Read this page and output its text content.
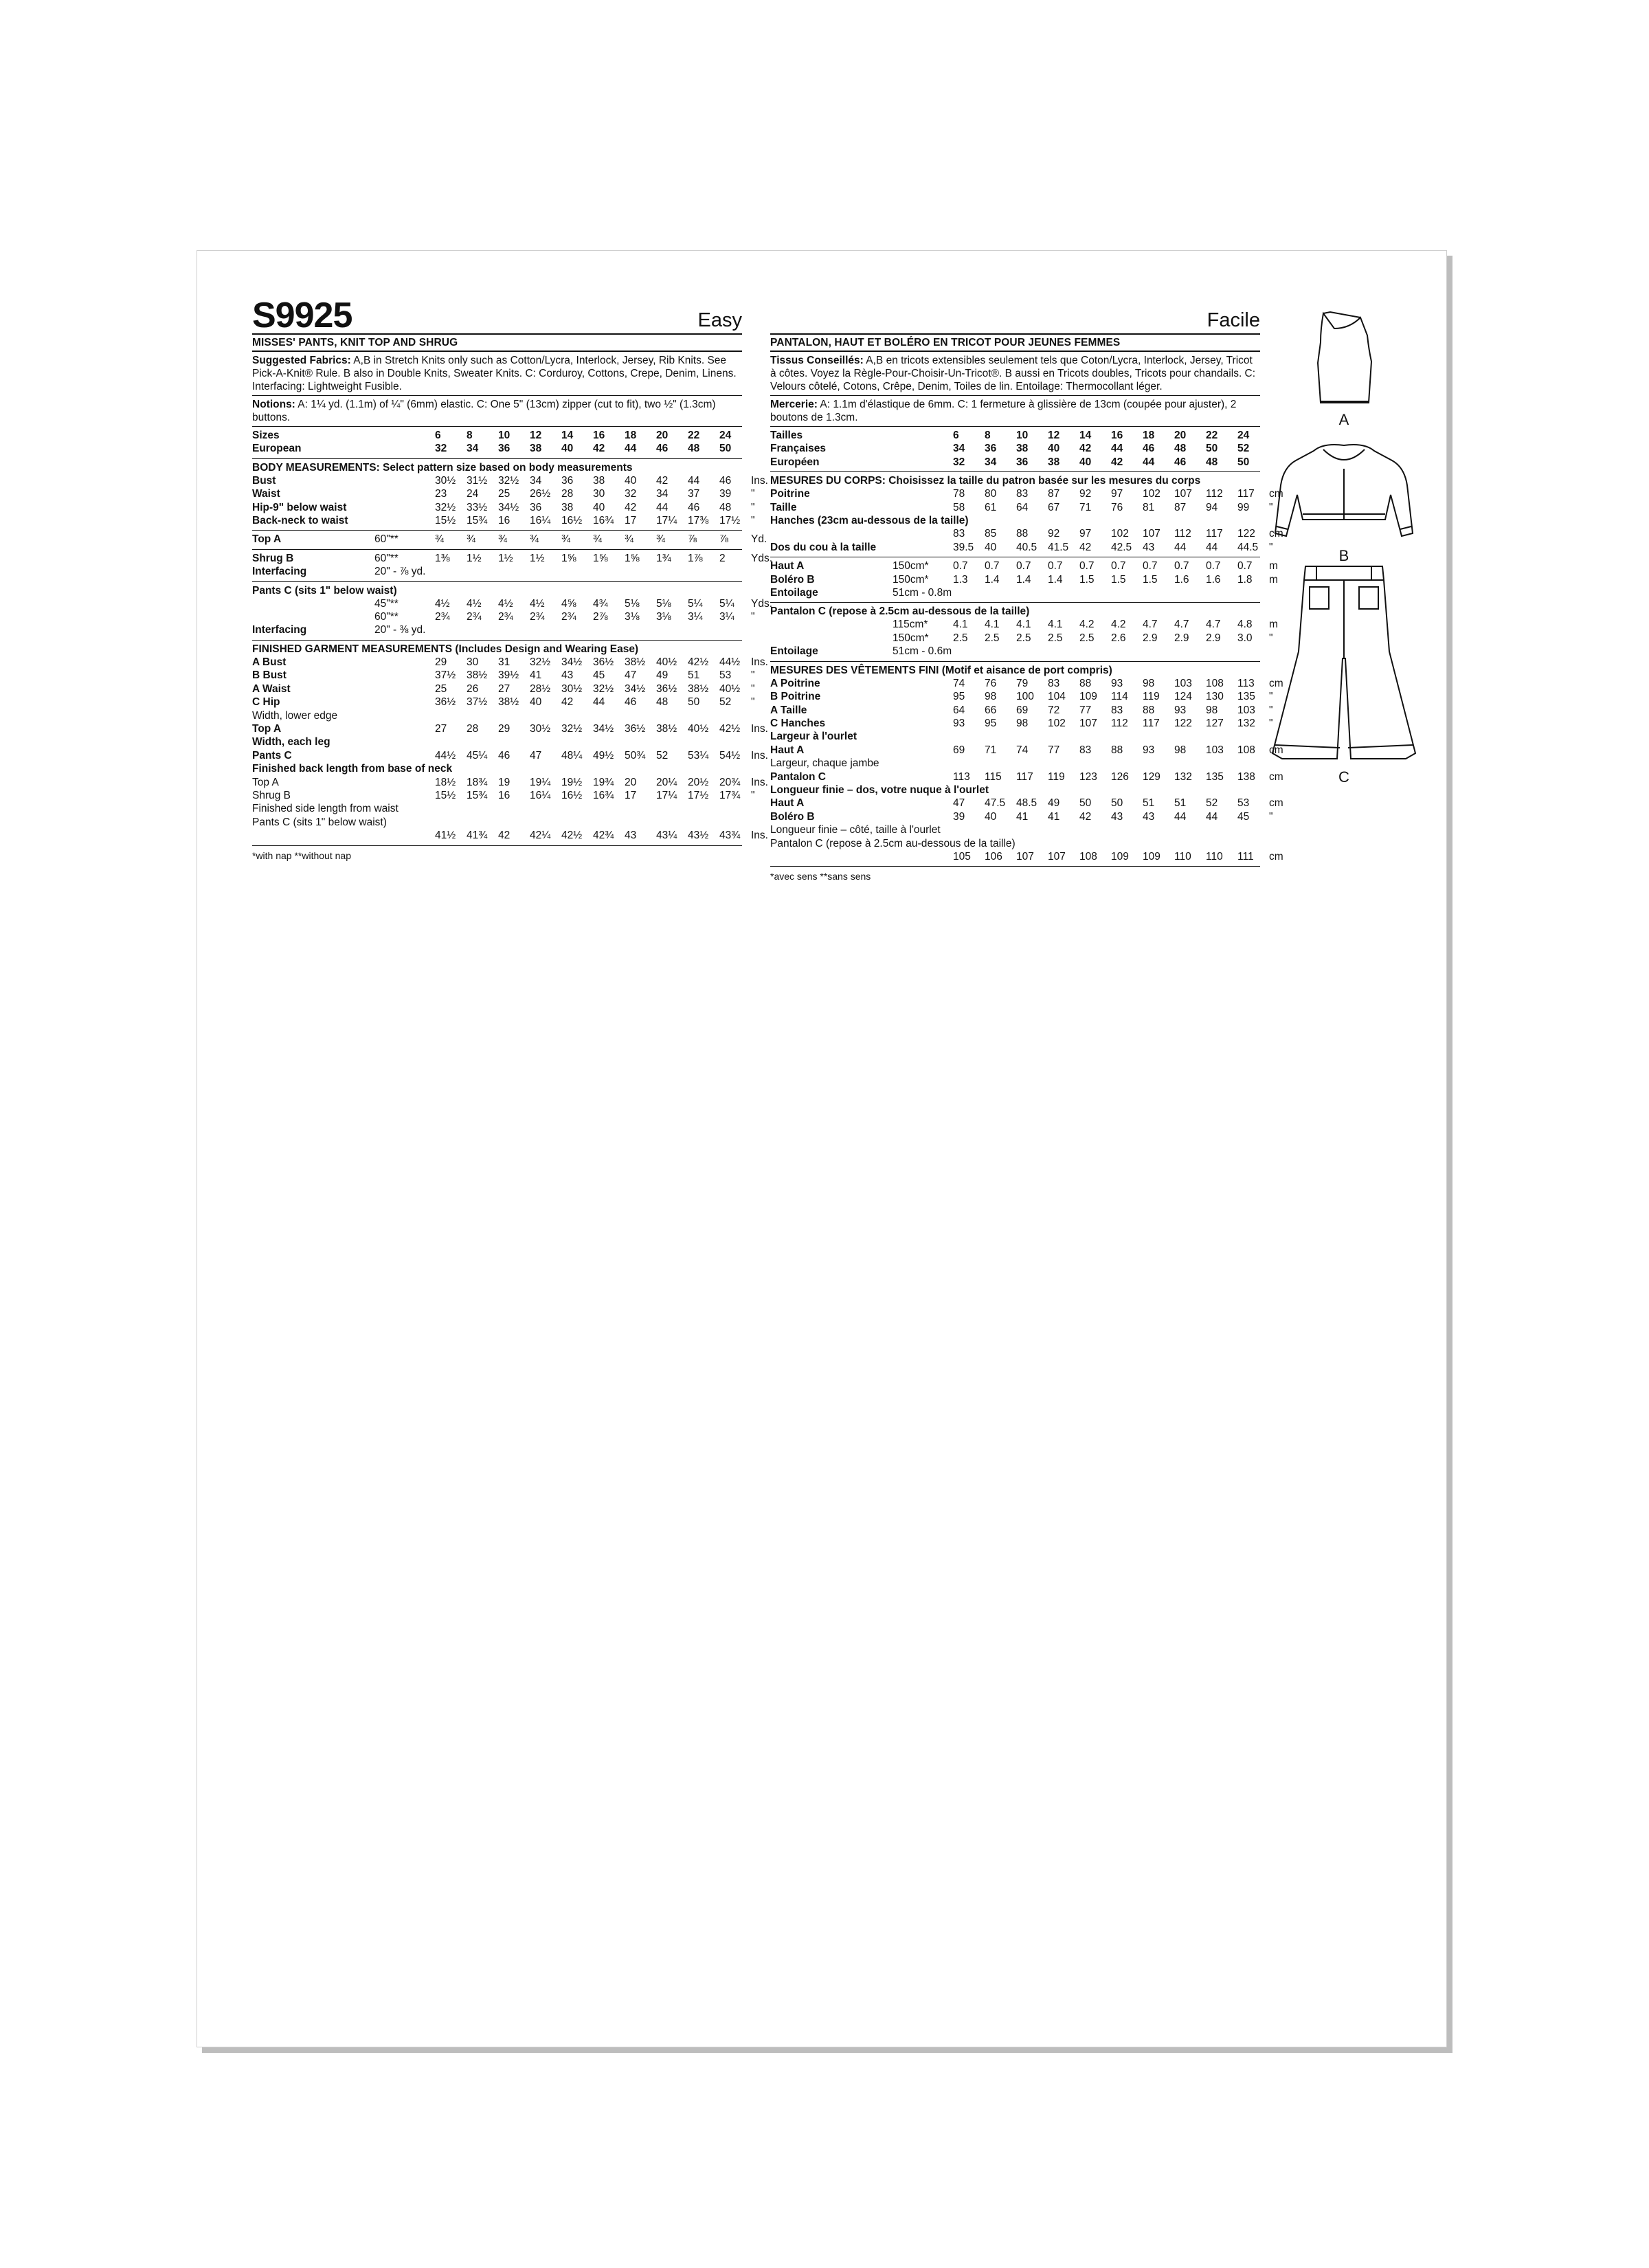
S9925	Easy
MISSES' PANTS, KNIT TOP AND SHRUG
Suggested Fabrics: A,B in Stretch Knits only such as Cotton/Lycra, Interlock, Jersey, Rib Knits. See Pick-A-Knit® Rule. B also in Double Knits, Sweater Knits. C: Corduroy, Cottons, Crepe, Denim, Linens. Interfacing: Lightweight Fusible.
Notions: A: 1¼ yd. (1.1m) of ¼" (6mm) elastic. C: One 5" (13cm) zipper (cut to fit), two ½" (1.3cm) buttons.
Sizes		6	8	10	12	14	16	18	20	22	24	
European		32	34	36	38	40	42	44	46	48	50	
BODY MEASUREMENTS: Select pattern size based on body measurements
Bust		30½	31½	32½	34	36	38	40	42	44	46	Ins.
Waist		23	24	25	26½	28	30	32	34	37	39	"
Hip-9" below waist		32½	33½	34½	36	38	40	42	44	46	48	"
Back-neck to waist		15½	15¾	16	16¼	16½	16¾	17	17¼	17⅜	17½	"
Top A	60"**	¾	¾	¾	¾	¾	¾	¾	¾	⅞	⅞	Yd.
Shrug B	60"**	1⅜	1½	1½	1½	1⅝	1⅝	1⅝	1¾	1⅞	2	Yds.
Interfacing	20" - ⅞ yd.											
Pants C (sits 1" below waist)
	45"**	4½	4½	4½	4½	4⅝	4¾	5⅛	5⅛	5¼	5¼	Yds.
	60"**	2¾	2¾	2¾	2¾	2¾	2⅞	3⅛	3⅛	3¼	3¼	"
Interfacing	20" - ⅜ yd.											
FINISHED GARMENT MEASUREMENTS (Includes Design and Wearing Ease)
A Bust		29	30	31	32½	34½	36½	38½	40½	42½	44½	Ins.
B Bust		37½	38½	39½	41	43	45	47	49	51	53	"
A Waist		25	26	27	28½	30½	32½	34½	36½	38½	40½	"
C Hip		36½	37½	38½	40	42	44	46	48	50	52	"
Width, lower edge												
Top A		27	28	29	30½	32½	34½	36½	38½	40½	42½	Ins.
Width, each leg												
Pants C		44½	45¼	46	47	48¼	49½	50¾	52	53¼	54½	Ins.
Finished back length from base of neck												
Top A		18½	18¾	19	19¼	19½	19¾	20	20¼	20½	20¾	Ins.
Shrug B		15½	15¾	16	16¼	16½	16¾	17	17¼	17½	17¾	"
Finished side length from waist												
Pants C (sits 1" below waist)												
		41½	41¾	42	42¼	42½	42¾	43	43¼	43½	43¾	Ins.
*with nap **without nap
Facile
PANTALON, HAUT ET BOLÉRO EN TRICOT POUR JEUNES FEMMES
Tissus Conseillés: A,B en tricots extensibles seulement tels que Coton/Lycra, Interlock, Jersey, Tricot à côtes. Voyez la Règle-Pour-Choisir-Un-Tricot®. B aussi en Tricots doubles, Tricots pour chandails. C: Velours côtelé, Cotons, Crêpe, Denim, Toiles de lin. Entoilage: Thermocollant léger.
Mercerie: A: 1.1m d'élastique de 6mm. C: 1 fermeture à glissière de 13cm (coupée pour ajuster), 2 boutons de 1.3cm.
Tailles		6	8	10	12	14	16	18	20	22	24	
Françaises		34	36	38	40	42	44	46	48	50	52	
Européen		32	34	36	38	40	42	44	46	48	50	
MESURES DU CORPS: Choisissez la taille du patron basée sur les mesures du corps
Poitrine		78	80	83	87	92	97	102	107	112	117	cm
Taille		58	61	64	67	71	76	81	87	94	99	"
Hanches (23cm au-dessous de la taille)												
		83	85	88	92	97	102	107	112	117	122	cm
Dos du cou à la taille		39.5	40	40.5	41.5	42	42.5	43	44	44	44.5	"
Haut A	150cm*	0.7	0.7	0.7	0.7	0.7	0.7	0.7	0.7	0.7	0.7	m
Boléro B	150cm*	1.3	1.4	1.4	1.4	1.5	1.5	1.5	1.6	1.6	1.8	m
Entoilage	51cm - 0.8m											
Pantalon C (repose à 2.5cm au-dessous de la taille)
	115cm*	4.1	4.1	4.1	4.1	4.2	4.2	4.7	4.7	4.7	4.8	m
	150cm*	2.5	2.5	2.5	2.5	2.5	2.6	2.9	2.9	2.9	3.0	"
Entoilage	51cm - 0.6m											
MESURES DES VÊTEMENTS FINI (Motif et aisance de port compris)
A Poitrine		74	76	79	83	88	93	98	103	108	113	cm
B Poitrine		95	98	100	104	109	114	119	124	130	135	"
A Taille		64	66	69	72	77	83	88	93	98	103	"
C Hanches		93	95	98	102	107	112	117	122	127	132	"
Largeur à l'ourlet												
Haut A		69	71	74	77	83	88	93	98	103	108	cm
Largeur, chaque jambe												
Pantalon C		113	115	117	119	123	126	129	132	135	138	cm
Longueur finie – dos, votre nuque à l'ourlet												
Haut A		47	47.5	48.5	49	50	50	51	51	52	53	cm
Boléro B		39	40	41	41	42	43	43	44	44	45	"
Longueur finie – côté, taille à l'ourlet												
Pantalon C (repose à 2.5cm au-dessous de la taille)												
		105	106	107	107	108	109	109	110	110	111	cm
*avec sens **sans sens
A
B
C
